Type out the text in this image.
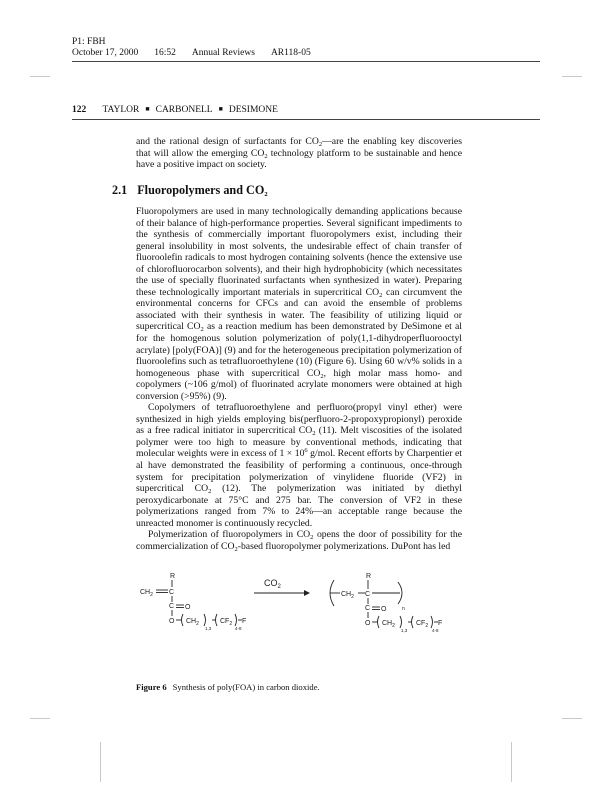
P1: FBH
October 17, 2000 16:52 Annual Reviews AR118-05
122 TAYLOR ■ CARBONELL ■ DESIMONE

and the rational design of surfactants for $CO_2—are$ the enabling key discoveries that will allow the emerging $CO_2$ technology platform to be sustainable and hence have a positive impact on society.

2.1 Fluoropolymers and $CO_2$

Fluoropolymers are used in many technologically demanding applications because of their balance of high-performance properties. Several significant impediments to the synthesis of commercially important fluoropolymers exist, including their general insolubility in most solvents, the undesirable effect of chain transfer of fluoroolefin radicals to most hydrogen containing solvents (hence the extensive use of chlorofluorocarbon solvents), and their high hydrophobicity (which necessitates the use of specially fluorinated surfactants when synthesized in water). Preparing these technologically important materials in supercritical $CO_2$ can circumvent the environmental concerns for CFCs and can avoid the ensemble of problems associated with their synthesis in water. The feasibility of utilizing liquid or supercritical $CO_2$ as a reaction medium has been demonstrated by DeSimone et al for the homogenous solution polymerization of poly(1,1-dihydroperfluorooctyl acrylate) [poly(FOA)] (9) and for the heterogeneous precipitation polymerization of fluoroolefins such as tetrafluoroethylene (10) (Figure 6). Using 60 w/v% solids in a homogeneous phase with supercritical $CO_2$, high molar mass homo- and copolymers (~106 g/mol) of fluorinated acrylate monomers were obtained at high conversion (>95%) (9).

Copolymers of tetrafluoroethylene and perfluoro(propyl vinyl ether) were synthesized in high yields employing bis(perfluoro-2-propoxypropionyl) peroxide as a free radical initiator in supercritical $CO_2$ (11). Melt viscosities of the isolated polymer were too high to measure by conventional methods, indicating that molecular weights were in excess of $1 \times 10^6$ g/mol. Recent efforts by Charpentier et al have demonstrated the feasibility of performing a continuous, once-through system for precipitation polymerization of vinylidene fluoride (VF2) in supercritical $CO_2$ (12). The polymerization was initiated by diethyl peroxydicarbonate at 75°C and 275 bar. The conversion of VF2 in these polymerizations ranged from 7% to 24%—an acceptable range because the unreacted monomer is continuously recycled.

Polymerization of fluoropolymers in $CO_2$ opens the door of possibility for the commercialization of $CO_2$-based fluoropolymer polymerizations. DuPont has led

R
$CH_2$ C
C O
O $CH_2$
1,3
$CF_2$
4-8
F
$CO_2$
$CH_2$
R
C
n
C O
O $CH_2$
1,3
$CF_2$
4-8
F
Figure 6 Synthesis of poly(FOA) in carbon dioxide.
